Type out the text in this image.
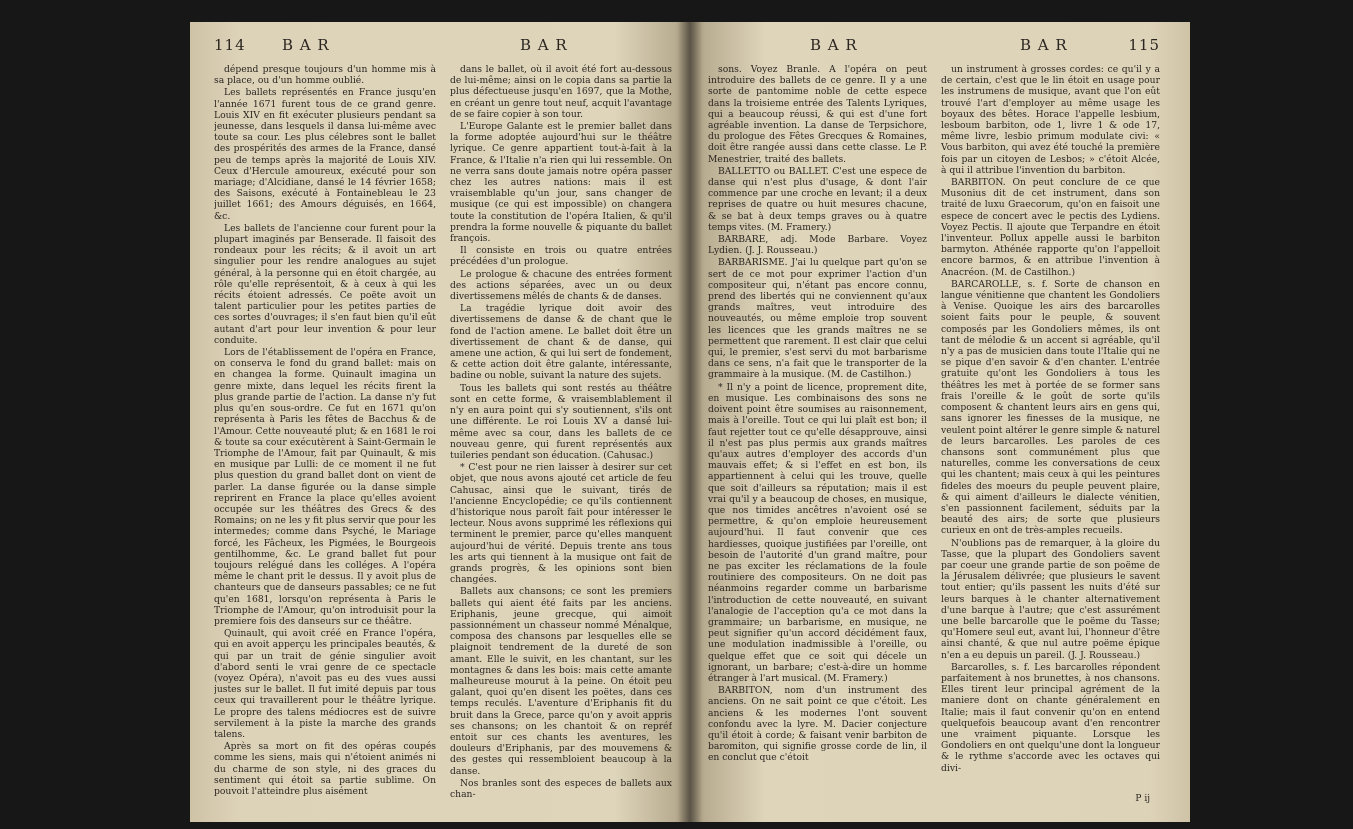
114 B A R	B A R

dépend presque toujours d'un homme mis à sa place, ou d'un homme oublié.

Les ballets représentés en France jusqu'en l'année 1671 furent tous de ce grand genre. Louis XIV en fit exécuter plusieurs pendant sa jeunesse, dans lesquels il dansa lui-même avec toute sa cour. Les plus célebres sont le ballet des prospérités des armes de la France, dansé peu de temps après la majorité de Louis XIV. Ceux d'Hercule amoureux, exécuté pour son mariage; d'Alcidiane, dansé le 14 février 1658; des Saisons, exécuté à Fontainebleau le 23 juillet 1661; des Amours déguisés, en 1664, &c.

Les ballets de l'ancienne cour furent pour la plupart imaginés par Benserade. Il faisoit des rondeaux pour les récits; & il avoit un art singulier pour les rendre analogues au sujet général, à la personne qui en étoit chargée, au rôle qu'elle représentoit, & à ceux à qui les récits étoient adressés. Ce poëte avoit un talent particulier pour les petites parties de ces sortes d'ouvrages; il s'en faut bien qu'il eût autant d'art pour leur invention & pour leur conduite.

Lors de l'établissement de l'opéra en France, on conserva le fond du grand ballet: mais on en changea la forme. Quinault imagina un genre mixte, dans lequel les récits firent la plus grande partie de l'action. La danse n'y fut plus qu'en sous-ordre. Ce fut en 1671 qu'on représenta à Paris les fêtes de Bacchus & de l'Amour. Cette nouveauté plut; & en 1681 le roi & toute sa cour exécutèrent à Saint-Germain le Triomphe de l'Amour, fait par Quinault, & mis en musique par Lulli: de ce moment il ne fut plus question du grand ballet dont on vient de parler. La danse figurée ou la danse simple reprirent en France la place qu'elles avoient occupée sur les théâtres des Grecs & des Romains; on ne les y fit plus servir que pour les intermedes; comme dans Psyché, le Mariage forcé, les Fâcheux, les Pigmées, le Bourgeois gentilhomme, &c. Le grand ballet fut pour toujours relégué dans les colléges. A l'opéra même le chant prit le dessus. Il y avoit plus de chanteurs que de danseurs passables; ce ne fut qu'en 1681, lorsqu'on représenta à Paris le Triomphe de l'Amour, qu'on introduisit pour la premiere fois des danseurs sur ce théâtre.

Quinault, qui avoit créé en France l'opéra, qui en avoit apperçu les principales beautés, & qui par un trait de génie singulier avoit d'abord senti le vrai genre de ce spectacle (voyez Opéra), n'avoit pas eu des vues aussi justes sur le ballet. Il fut imité depuis par tous ceux qui travaillerent pour le théâtre lyrique. Le propre des talens médiocres est de suivre servilement à la piste la marche des grands talens.

Après sa mort on fit des opéras coupés comme les siens, mais qui n'étoient animés ni du charme de son style, ni des graces du sentiment qui étoit sa partie sublime. On pouvoit l'atteindre plus aisément

dans le ballet, où il avoit été fort au-dessous de lui-même; ainsi on le copia dans sa partie la plus défectueuse jusqu'en 1697, que la Mothe, en créant un genre tout neuf, acquit l'avantage de se faire copier à son tour.

L'Europe Galante est le premier ballet dans la forme adoptée aujourd'hui sur le théâtre lyrique. Ce genre appartient tout-à-fait à la France, & l'Italie n'a rien qui lui ressemble. On ne verra sans doute jamais notre opéra passer chez les autres nations: mais il est vraisemblable qu'un jour, sans changer de musique (ce qui est impossible) on changera toute la constitution de l'opéra Italien, & qu'il prendra la forme nouvelle & piquante du ballet françois.

Il consiste en trois ou quatre entrées précédées d'un prologue.

Le prologue & chacune des entrées forment des actions séparées, avec un ou deux divertissemens mêlés de chants & de danses.

La tragédie lyrique doit avoir des divertissemens de danse & de chant que le fond de l'action amene. Le ballet doit être un divertissement de chant & de danse, qui amene une action, & qui lui sert de fondement, & cette action doit être galante, intéressante, badine ou noble, suivant la nature des sujets.

Tous les ballets qui sont restés au théâtre sont en cette forme, & vraisemblablement il n'y en aura point qui s'y soutiennent, s'ils ont une différente. Le roi Louis XV a dansé lui-même avec sa cour, dans les ballets de ce nouveau genre, qui furent représentés aux tuileries pendant son éducation. (Cahusac.)

* C'est pour ne rien laisser à desirer sur cet objet, que nous avons ajouté cet article de feu Cahusac, ainsi que le suivant, tirés de l'ancienne Encyclopédie; ce qu'ils contiennent d'historique nous paroît fait pour intéresser le lecteur. Nous avons supprimé les réflexions qui terminent le premier, parce qu'elles manquent aujourd'hui de vérité. Depuis trente ans tous les arts qui tiennent à la musique ont fait de grands progrès, & les opinions sont bien changées.

Ballets aux chansons; ce sont les premiers ballets qui aient été faits par les anciens. Eriphanis, jeune grecque, qui aimoit passionnément un chasseur nommé Ménalque, composa des chansons par lesquelles elle se plaignoit tendrement de la dureté de son amant. Elle le suivit, en les chantant, sur les montagnes & dans les bois: mais cette amante malheureuse mourut à la peine. On étoit peu galant, quoi qu'en disent les poëtes, dans ces temps reculés. L'aventure d'Eriphanis fit du bruit dans la Grece, parce qu'on y avoit appris ses chansons; on les chantoit & on repréf entoit sur ces chants les aventures, les douleurs d'Eriphanis, par des mouvemens & des gestes qui ressembloient beaucoup à la danse.

Nos branles sont des especes de ballets aux chan-

B A R	B A R	115

sons. Voyez Branle. A l'opéra on peut introduire des ballets de ce genre. Il y a une sorte de pantomime noble de cette espece dans la troisieme entrée des Talents Lyriques, qui a beaucoup réussi, & qui est d'une fort agréable invention. La danse de Terpsichore, du prologue des Fêtes Grecques & Romaines, doit être rangée aussi dans cette classe. Le P. Menestrier, traité des ballets.

BALLETTO ou BALLET. C'est une espece de danse qui n'est plus d'usage, & dont l'air commence par une croche en levant; il a deux reprises de quatre ou huit mesures chacune, & se bat à deux temps graves ou à quatre temps vites. (M. Framery.)

BARBARE, adj. Mode Barbare. Voyez Lydien. (J. J. Rousseau.)

BARBARISME. J'ai lu quelque part qu'on se sert de ce mot pour exprimer l'action d'un compositeur qui, n'étant pas encore connu, prend des libertés qui ne conviennent qu'aux grands maîtres, veut introduire des nouveautés, ou même emploie trop souvent les licences que les grands maîtres ne se permettent que rarement. Il est clair que celui qui, le premier, s'est servi du mot barbarisme dans ce sens, n'a fait que le transporter de la grammaire à la musique. (M. de Castilhon.)

* Il n'y a point de licence, proprement dite, en musique. Les combinaisons des sons ne doivent point être soumises au raisonnement, mais à l'oreille. Tout ce qui lui plaît est bon; il faut rejetter tout ce qu'elle désapprouve, ainsi il n'est pas plus permis aux grands maîtres qu'aux autres d'employer des accords d'un mauvais effet; & si l'effet en est bon, ils appartiennent à celui qui les trouve, quelle que soit d'ailleurs sa réputation; mais il est vrai qu'il y a beaucoup de choses, en musique, que nos timides ancêtres n'avoient osé se permettre, & qu'on emploie heureusement aujourd'hui. Il faut convenir que ces hardiesses, quoique justifiées par l'oreille, ont besoin de l'autorité d'un grand maître, pour ne pas exciter les réclamations de la foule routiniere des compositeurs. On ne doit pas néanmoins regarder comme un barbarisme l'introduction de cette nouveauté, en suivant l'analogie de l'acception qu'a ce mot dans la grammaire; un barbarisme, en musique, ne peut signifier qu'un accord décidément faux, une modulation inadmissible à l'oreille, ou quelque effet que ce soit qui décele un ignorant, un barbare; c'est-à-dire un homme étranger à l'art musical. (M. Framery.)

BARBITON, nom d'un instrument des anciens. On ne sait point ce que c'étoit. Les anciens & les modernes l'ont souvent confondu avec la lyre. M. Dacier conjecture qu'il étoit à corde; & faisant venir barbiton de baromiton, qui signifie grosse corde de lin, il en conclut que c'étoit

un instrument à grosses cordes: ce qu'il y a de certain, c'est que le lin étoit en usage pour les instrumens de musique, avant que l'on eût trouvé l'art d'employer au même usage les boyaux des bêtes. Horace l'appelle lesbium, lesboum barbiton, ode 1, livre 1 & ode 17, même livre, lesbio primum modulate civi: « Vous barbiton, qui avez été touché la première fois par un citoyen de Lesbos; » c'étoit Alcée, à qui il attribue l'invention du barbiton.

BARBITON. On peut conclure de ce que Musonius dit de cet instrument, dans son traité de luxu Graecorum, qu'on en faisoit une espece de concert avec le pectis des Lydiens. Voyez Pectis. Il ajoute que Terpandre en étoit l'inventeur. Pollux appelle aussi le barbiton barmyton. Athénée rapporte qu'on l'appelloit encore barmos, & en attribue l'invention à Anacréon. (M. de Castilhon.)

BARCAROLLE, s. f. Sorte de chanson en langue vénitienne que chantent les Gondoliers à Venise. Quoique les airs des barcarolles soient faits pour le peuple, & souvent composés par les Gondoliers mêmes, ils ont tant de mélodie & un accent si agréable, qu'il n'y a pas de musicien dans toute l'Italie qui ne se pique d'en savoir & d'en chanter. L'entrée gratuite qu'ont les Gondoliers à tous les théâtres les met à portée de se former sans frais l'oreille & le goût de sorte qu'ils composent & chantent leurs airs en gens qui, sans ignorer les finesses de la musique, ne veulent point altérer le genre simple & naturel de leurs barcarolles. Les paroles de ces chansons sont communément plus que naturelles, comme les conversations de ceux qui les chantent; mais ceux à qui les peintures fideles des moeurs du peuple peuvent plaire, & qui aiment d'ailleurs le dialecte vénitien, s'en passionnent facilement, séduits par la beauté des airs; de sorte que plusieurs curieux en ont de très-amples recueils.

N'oublions pas de remarquer, à la gloire du Tasse, que la plupart des Gondoliers savent par coeur une grande partie de son poëme de la Jérusalem délivrée; que plusieurs le savent tout entier; qu'ils passent les nuits d'été sur leurs barques à le chanter alternativement d'une barque à l'autre; que c'est assurément une belle barcarolle que le poëme du Tasse; qu'Homere seul eut, avant lui, l'honneur d'être ainsi chanté, & que nul autre poëme épique n'en a eu depuis un pareil. (J. J. Rousseau.)

Barcarolles, s. f. Les barcarolles répondent parfaitement à nos brunettes, à nos chansons. Elles tirent leur principal agrément de la maniere dont on chante généralement en Italie; mais il faut convenir qu'on en entend quelquefois beaucoup avant d'en rencontrer une vraiment piquante. Lorsque les Gondoliers en ont quelqu'une dont la longueur & le rythme s'accorde avec les octaves qui divi-

P ij
